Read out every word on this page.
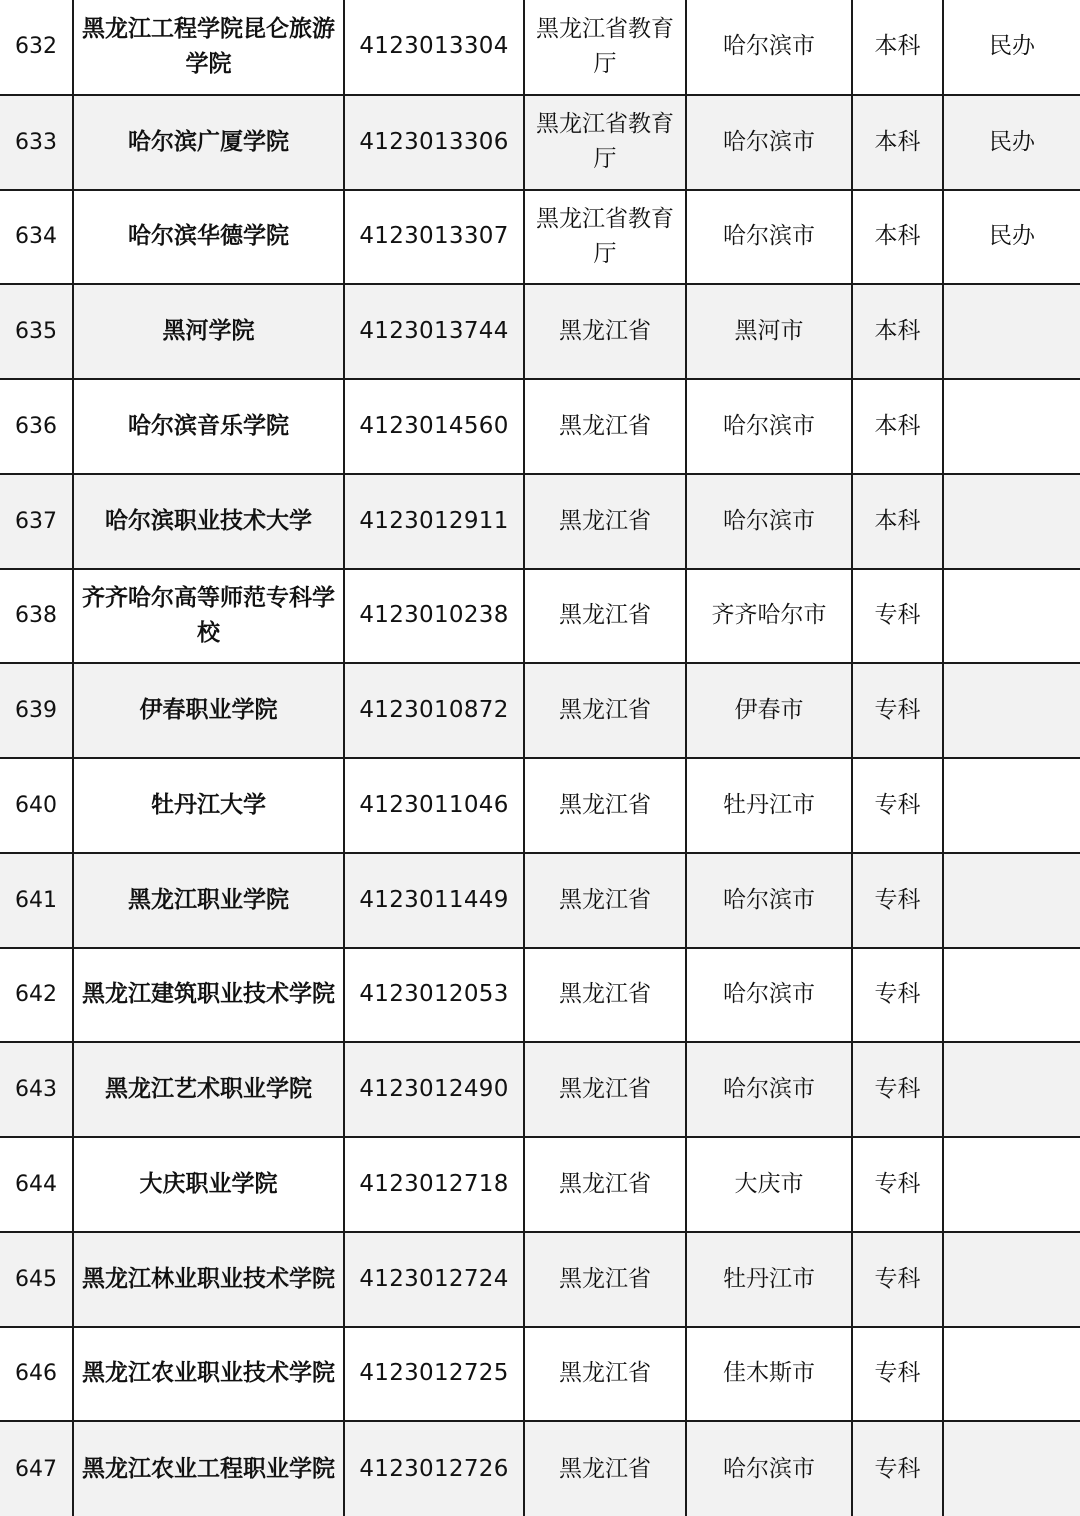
632	黑龙江工程学院昆仑旅游学院	4123013304	黑龙江省教育厅	哈尔滨市	本科	民办
633	哈尔滨广厦学院	4123013306	黑龙江省教育厅	哈尔滨市	本科	民办
634	哈尔滨华德学院	4123013307	黑龙江省教育厅	哈尔滨市	本科	民办
635	黑河学院	4123013744	黑龙江省	黑河市	本科	
636	哈尔滨音乐学院	4123014560	黑龙江省	哈尔滨市	本科	
637	哈尔滨职业技术大学	4123012911	黑龙江省	哈尔滨市	本科	
638	齐齐哈尔高等师范专科学校	4123010238	黑龙江省	齐齐哈尔市	专科	
639	伊春职业学院	4123010872	黑龙江省	伊春市	专科	
640	牡丹江大学	4123011046	黑龙江省	牡丹江市	专科	
641	黑龙江职业学院	4123011449	黑龙江省	哈尔滨市	专科	
642	黑龙江建筑职业技术学院	4123012053	黑龙江省	哈尔滨市	专科	
643	黑龙江艺术职业学院	4123012490	黑龙江省	哈尔滨市	专科	
644	大庆职业学院	4123012718	黑龙江省	大庆市	专科	
645	黑龙江林业职业技术学院	4123012724	黑龙江省	牡丹江市	专科	
646	黑龙江农业职业技术学院	4123012725	黑龙江省	佳木斯市	专科	
647	黑龙江农业工程职业学院	4123012726	黑龙江省	哈尔滨市	专科	
